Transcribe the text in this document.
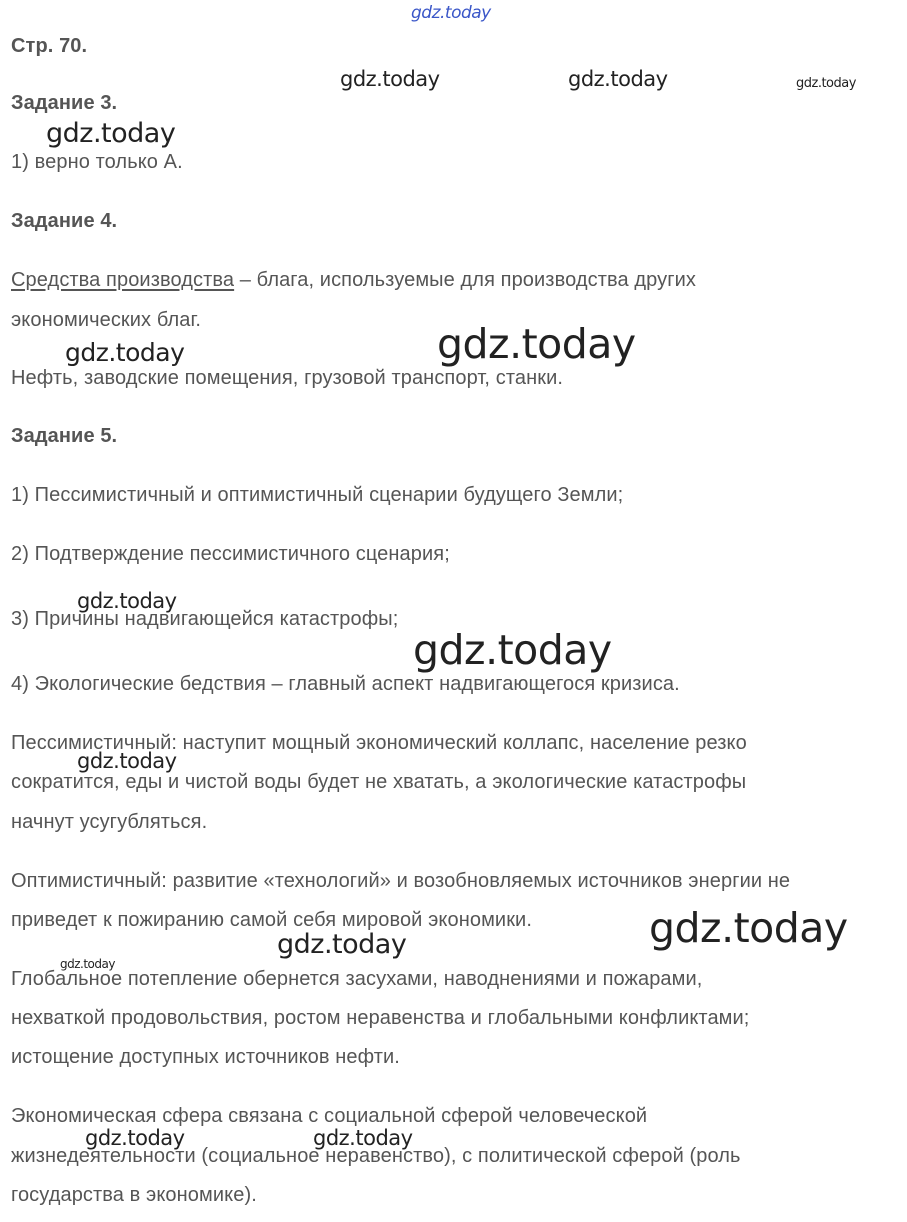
Стр. 70.
Задание 3.
1) верно только А.
Задание 4.
Средства производства – блага, используемые для производства других
экономических благ.
Нефть, заводские помещения, грузовой транспорт, станки.
Задание 5.
1) Пессимистичный и оптимистичный сценарии будущего Земли;
2) Подтверждение пессимистичного сценария;
3) Причины надвигающейся катастрофы;
4) Экологические бедствия – главный аспект надвигающегося кризиса.
Пессимистичный: наступит мощный экономический коллапс, население резко
сократится, еды и чистой воды будет не хватать, а экологические катастрофы
начнут усугубляться.
Оптимистичный: развитие «технологий» и возобновляемых источников энергии не
приведет к пожиранию самой себя мировой экономики.
Глобальное потепление обернется засухами, наводнениями и пожарами,
нехваткой продовольствия, ростом неравенства и глобальными конфликтами;
истощение доступных источников нефти.
Экономическая сфера связана с социальной сферой человеческой
жизнедеятельности (социальное неравенство), с политической сферой (роль
государства в экономике).
gdz.today
gdz.today	gdz.today	gdz.today
gdz.today
gdz.today	gdz.today
gdz.today
gdz.today
gdz.today
gdz.today
gdz.today
gdz.today
gdz.today	gdz.today
